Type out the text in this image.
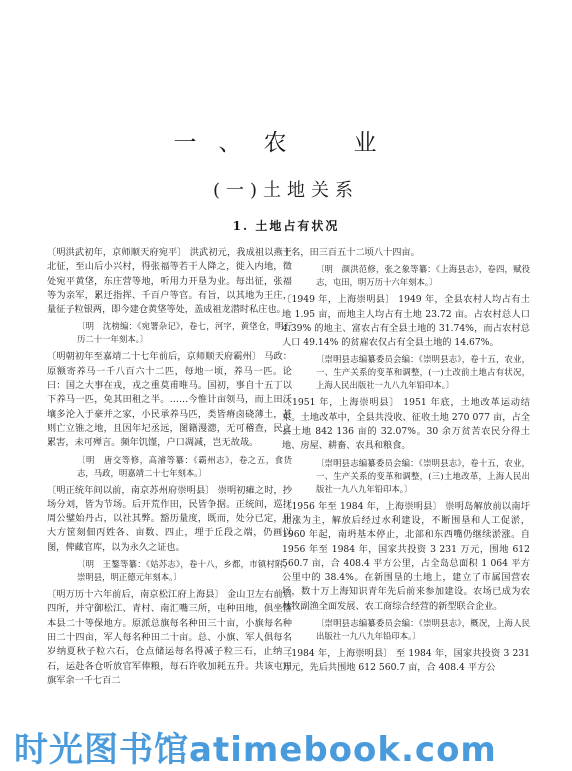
一、农　业
(一)土地关系
1. 土地占有状况

〔明洪武初年，京师顺天府宛平〕 洪武初元，我成祖以燕王北征，至山后小兴村，得张福等若干人降之，徙入内地，徵处宛平黄垡，东庄营等地，听用力开垦为业。每出征，张福等为亲军，累迁指挥、千百户等官。有旨，以其地为王庄，量征子粒银两，即今建仓黄垡等处，盖成祖龙潜时私庄也。

〔明　沈榜编：《宛署杂记》，卷七，河字，黄垡仓，明万历二十一年刻本。〕

〔明朝初年至嘉靖二十七年前后，京师顺天府霸州〕 马政：原额寄养马一千八百六十二匹，每地一顷，养马一匹。论曰：国之大事在戎，戎之重莫甫唯马。国初，事自十五丁以下养马一匹，免其田租之半。……今惟计亩领马，而上田沃壤多沦入于豪并之家，小民承养马匹，类皆瘠卤硗薄土，甚则亡立锥之地，且因年圮丞远，图籍漫漶，无可稽查，民之累害，未可殚言。频年饥馑，户口凋减，岂无故哉。

〔明　唐交等修，高濬等纂：《霸州志》，卷之五，食货志，马政，明嘉靖二十七年刻本。〕

〔明正统年间以前，南京苏州府崇明县〕 崇明初瘫之时，抄场分刘，皆为节场。后开荒作田，民皆争据。正统间，巡抚周公鐾始丹占，以社其弊。豁历量度，既而，处分已定，用大方筐刻佃丙姓各、亩数、四止，埋于丘段之端，仍画以图，俾藏官库，以为永久之证也。

〔明　王鏊等纂：《姑苏志》，卷十八，乡都，市镇村附，崇明县，明正德元年刻本。〕

〔明万历十六年前后，南京松江府上海县〕 金山卫左右前后四所，并守御松江、青村、南汇嘴三所，屯种田地，俱坐落本县二十等保地方。原派总旗每名种田三十亩，小旗每名种田二十四亩，军人每名种田二十亩。总、小旗、军人俱每名岁纳夏秋子粒六石，仓点储运每名得减子粒三石，止纳三石，运赴各仓听放官军俸粮，每石许收加耗五升。共该屯田旗军余一千七百二

十名，田三百五十二顷八十四亩。

〔明　颜洪范修，张之象等纂：《上海县志》，卷四，赋役志，屯田，明万历十六年刻本。〕

〔1949 年，上海崇明县〕 1949 年，全县农村人均占有土地 1.95 亩，而地主人均占有土地 23.72 亩。占农村总人口 4.39% 的地主、富农占有全县土地的 31.74%，而占农村总人口 49.14% 的贫雇农仅占有全县土地的 14.67%。

〔崇明县志编纂委员会编：《崇明县志》，卷十五，农业，一、生产关系的变革和调整，(一)土改前土地占有状况，上海人民出版社一九八九年铅印本。〕

〔1951 年，上海崇明县〕 1951 年底，土地改革运动结束。土地改革中，全县共没收、征收土地 270 077 亩，占全县土地 842 136 亩的 32.07%。30 余万贫苦农民分得土地、房屋、耕畜、农具和粮食。

〔崇明县志编纂委员会编：《崇明县志》，卷十五，农业，一、生产关系的变革和调整，(三)土地改革，上海人民出版社一九八九年铅印本。〕

〔1956 年至 1984 年，上海崇明县〕 崇明岛解放前以南圩北涨为主，解放后经过水利建设，不断围垦和人工促淤，1960 年起，南坍基本停止，北部和东西嘴仍继续淤涨。自 1956 年至 1984 年，国家共投资 3 231 万元，围地 612 560.7 亩，合 408.4 平方公里，占全岛总面积 1 064 平方公里中的 38.4%。在新围垦的土地上，建立了市属国营农场，数十万上海知识青年先后前来参加建设。农场已成为农林牧副渔全面发展、农工商综合经营的新型联合企业。

〔崇明县志编纂委员会编：《崇明县志》，概况，上海人民出版社一九八九年铅印本。〕

〔1984 年，上海崇明县〕 至 1984 年，国家共投资 3 231 万元，先后共围地 612 560.7 亩，合 408.4 平方公

时光图书馆atimebook.com
